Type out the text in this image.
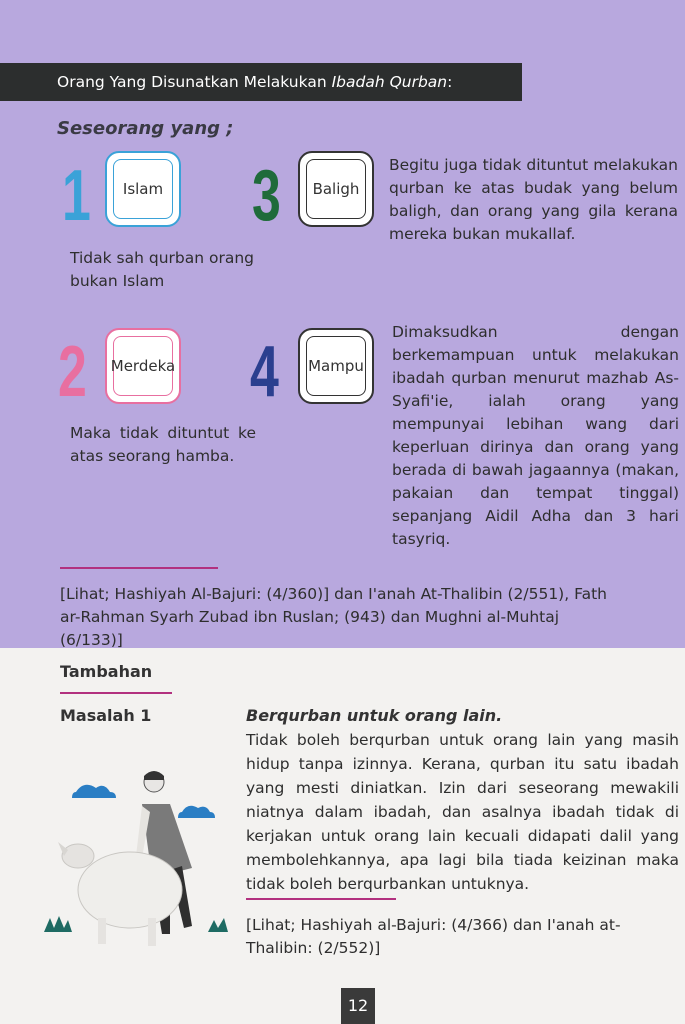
Orang Yang Disunatkan Melakukan Ibadah Qurban:
Seseorang yang ;
1 Islam
Tidak sah qurban orang bukan Islam
3 Baligh
Begitu juga tidak dituntut melakukan qurban ke atas budak yang belum baligh, dan orang yang gila kerana mereka bukan mukallaf.
2 Merdeka
Maka tidak dituntut ke atas seorang hamba.
4 Mampu
Dimaksudkan dengan berkemampuan untuk melakukan ibadah qurban menurut mazhab As-Syafi'ie, ialah orang yang mempunyai lebihan wang dari keperluan dirinya dan orang yang berada di bawah jagaannya (makan, pakaian dan tempat tinggal) sepanjang Aidil Adha dan 3 hari tasyriq.
[Lihat; Hashiyah Al-Bajuri: (4/360)] dan I'anah At-Thalibin (2/551), Fath ar-Rahman Syarh Zubad ibn Ruslan; (943) dan Mughni al-Muhtaj (6/133)]
Tambahan
Masalah 1	Berqurban untuk orang lain.
Tidak boleh berqurban untuk orang lain yang masih hidup tanpa izinnya. Kerana, qurban itu satu ibadah yang mesti diniatkan. Izin dari seseorang mewakili niatnya dalam ibadah, dan asalnya ibadah tidak di kerjakan untuk orang lain kecuali didapati dalil yang membolehkannya, apa lagi bila tiada keizinan maka tidak boleh berqurbankan untuknya.
[Lihat; Hashiyah al-Bajuri: (4/366) dan I'anah at-Thalibin: (2/552)]
12
